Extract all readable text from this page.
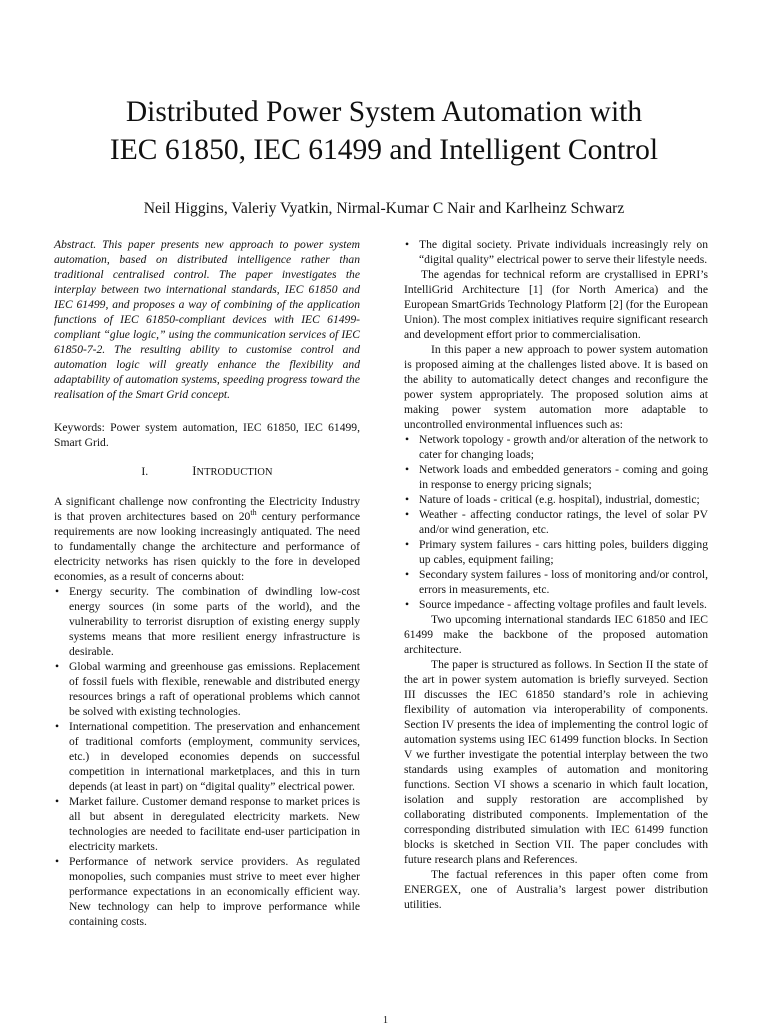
Distributed Power System Automation with
IEC 61850, IEC 61499 and Intelligent Control
Neil Higgins, Valeriy Vyatkin, Nirmal-Kumar C Nair and Karlheinz Schwarz

Abstract. This paper presents new approach to power system automation, based on distributed intelligence rather than traditional centralised control. The paper investigates the interplay between two international standards, IEC 61850 and IEC 61499, and proposes a way of combining of the application functions of IEC 61850-compliant devices with IEC 61499-compliant “glue logic,” using the communication services of IEC 61850-7-2. The resulting ability to customise control and automation logic will greatly enhance the flexibility and adaptability of automation systems, speeding progress toward the realisation of the Smart Grid concept.

Keywords: Power system automation, IEC 61850, IEC 61499, Smart Grid.

I.	INTRODUCTION

A significant challenge now confronting the Electricity Industry is that proven architectures based on 20th century performance requirements are now looking increasingly antiquated. The need to fundamentally change the architecture and performance of electricity networks has risen quickly to the fore in developed economies, as a result of concerns about:

• Energy security. The combination of dwindling low-cost energy sources (in some parts of the world), and the vulnerability to terrorist disruption of existing energy supply systems means that more resilient energy infrastructure is desirable.
• Global warming and greenhouse gas emissions. Replacement of fossil fuels with flexible, renewable and distributed energy resources brings a raft of operational problems which cannot be solved with existing technologies.
• International competition. The preservation and enhancement of traditional comforts (employment, community services, etc.) in developed economies depends on successful competition in international marketplaces, and this in turn depends (at least in part) on “digital quality” electrical power.
• Market failure. Customer demand response to market prices is all but absent in deregulated electricity markets. New technologies are needed to facilitate end-user participation in electricity markets.
• Performance of network service providers. As regulated monopolies, such companies must strive to meet ever higher performance expectations in an economically efficient way. New technology can help to improve performance while containing costs.
• The digital society. Private individuals increasingly rely on “digital quality” electrical power to serve their lifestyle needs.

The agendas for technical reform are crystallised in EPRI’s IntelliGrid Architecture [1] (for North America) and the European SmartGrids Technology Platform [2] (for the European Union). The most complex initiatives require significant research and development effort prior to commercialisation.

In this paper a new approach to power system automation is proposed aiming at the challenges listed above. It is based on the ability to automatically detect changes and reconfigure the power system appropriately. The proposed solution aims at making power system automation more adaptable to uncontrolled environmental influences such as:

• Network topology - growth and/or alteration of the network to cater for changing loads;
• Network loads and embedded generators - coming and going in response to energy pricing signals;
• Nature of loads - critical (e.g. hospital), industrial, domestic;
• Weather - affecting conductor ratings, the level of solar PV and/or wind generation, etc.
• Primary system failures - cars hitting poles, builders digging up cables, equipment failing;
• Secondary system failures - loss of monitoring and/or control, errors in measurements, etc.
• Source impedance - affecting voltage profiles and fault levels.

Two upcoming international standards IEC 61850 and IEC 61499 make the backbone of the proposed automation architecture.

The paper is structured as follows. In Section II the state of the art in power system automation is briefly surveyed. Section III discusses the IEC 61850 standard’s role in achieving flexibility of automation via interoperability of components. Section IV presents the idea of implementing the control logic of automation systems using IEC 61499 function blocks. In Section V we further investigate the potential interplay between the two standards using examples of automation and monitoring functions. Section VI shows a scenario in which fault location, isolation and supply restoration are accomplished by collaborating distributed components. Implementation of the corresponding distributed simulation with IEC 61499 function blocks is sketched in Section VII. The paper concludes with future research plans and References.

The factual references in this paper often come from ENERGEX, one of Australia’s largest power distribution utilities.

1
